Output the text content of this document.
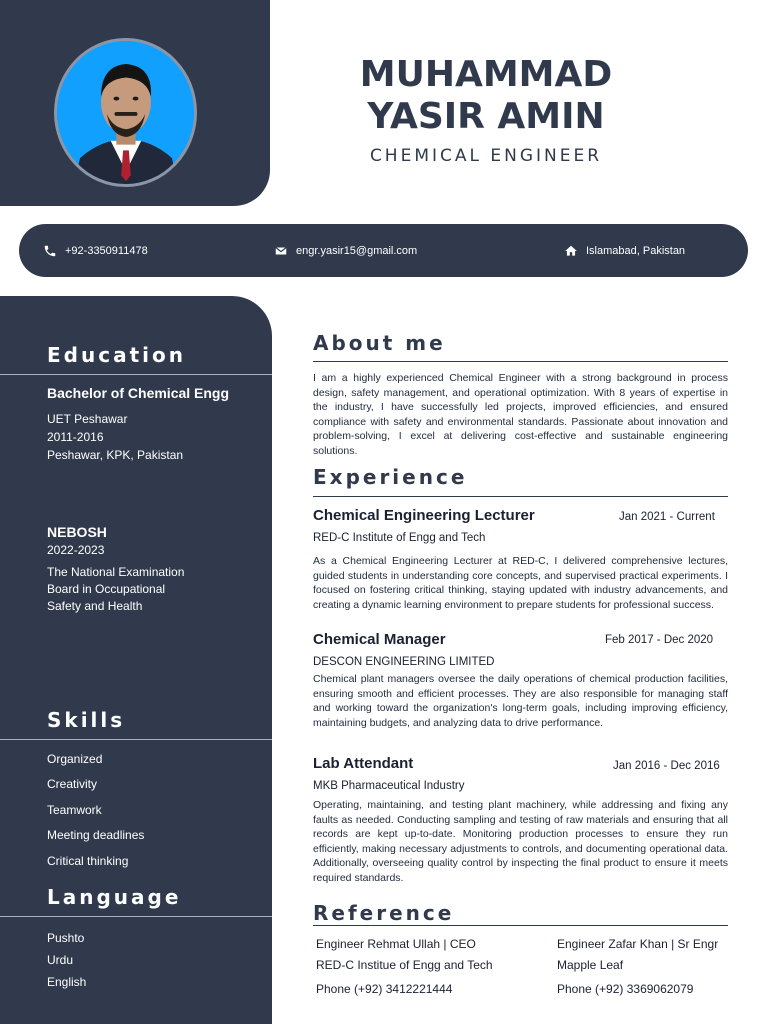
MUHAMMAD
YASIR AMIN
CHEMICAL ENGINEER
+92-3350911478	engr.yasir15@gmail.com	Islamabad, Pakistan
Education
Bachelor of Chemical Engg
UET Peshawar
2011-2016
Peshawar, KPK, Pakistan
NEBOSH
2022-2023
The National Examination
Board in Occupational
Safety and Health
Skills
Organized
Creativity
Teamwork
Meeting deadlines
Critical thinking
Language
Pushto
Urdu
English
About me
I am a highly experienced Chemical Engineer with a strong background in process design, safety management, and operational optimization. With 8 years of expertise in the industry, I have successfully led projects, improved efficiencies, and ensured compliance with safety and environmental standards. Passionate about innovation and problem-solving, I excel at delivering cost-effective and sustainable engineering solutions.
Experience
Chemical Engineering Lecturer	Jan 2021 - Current
RED-C Institute of Engg and Tech
As a Chemical Engineering Lecturer at RED-C, I delivered comprehensive lectures, guided students in understanding core concepts, and supervised practical experiments. I focused on fostering critical thinking, staying updated with industry advancements, and creating a dynamic learning environment to prepare students for professional success.
Chemical Manager	Feb 2017 - Dec 2020
DESCON ENGINEERING LIMITED
Chemical plant managers oversee the daily operations of chemical production facilities, ensuring smooth and efficient processes. They are also responsible for managing staff and working toward the organization's long-term goals, including improving efficiency, maintaining budgets, and analyzing data to drive performance.
Lab Attendant	Jan 2016 - Dec 2016
MKB Pharmaceutical Industry
Operating, maintaining, and testing plant machinery, while addressing and fixing any faults as needed. Conducting sampling and testing of raw materials and ensuring that all records are kept up-to-date. Monitoring production processes to ensure they run efficiently, making necessary adjustments to controls, and documenting operational data. Additionally, overseeing quality control by inspecting the final product to ensure it meets required standards.
Reference
Engineer Rehmat Ullah | CEO
RED-C Institue of Engg and Tech
Phone (+92) 3412221444
Engineer Zafar Khan | Sr Engr
Mapple Leaf
Phone (+92) 3369062079
